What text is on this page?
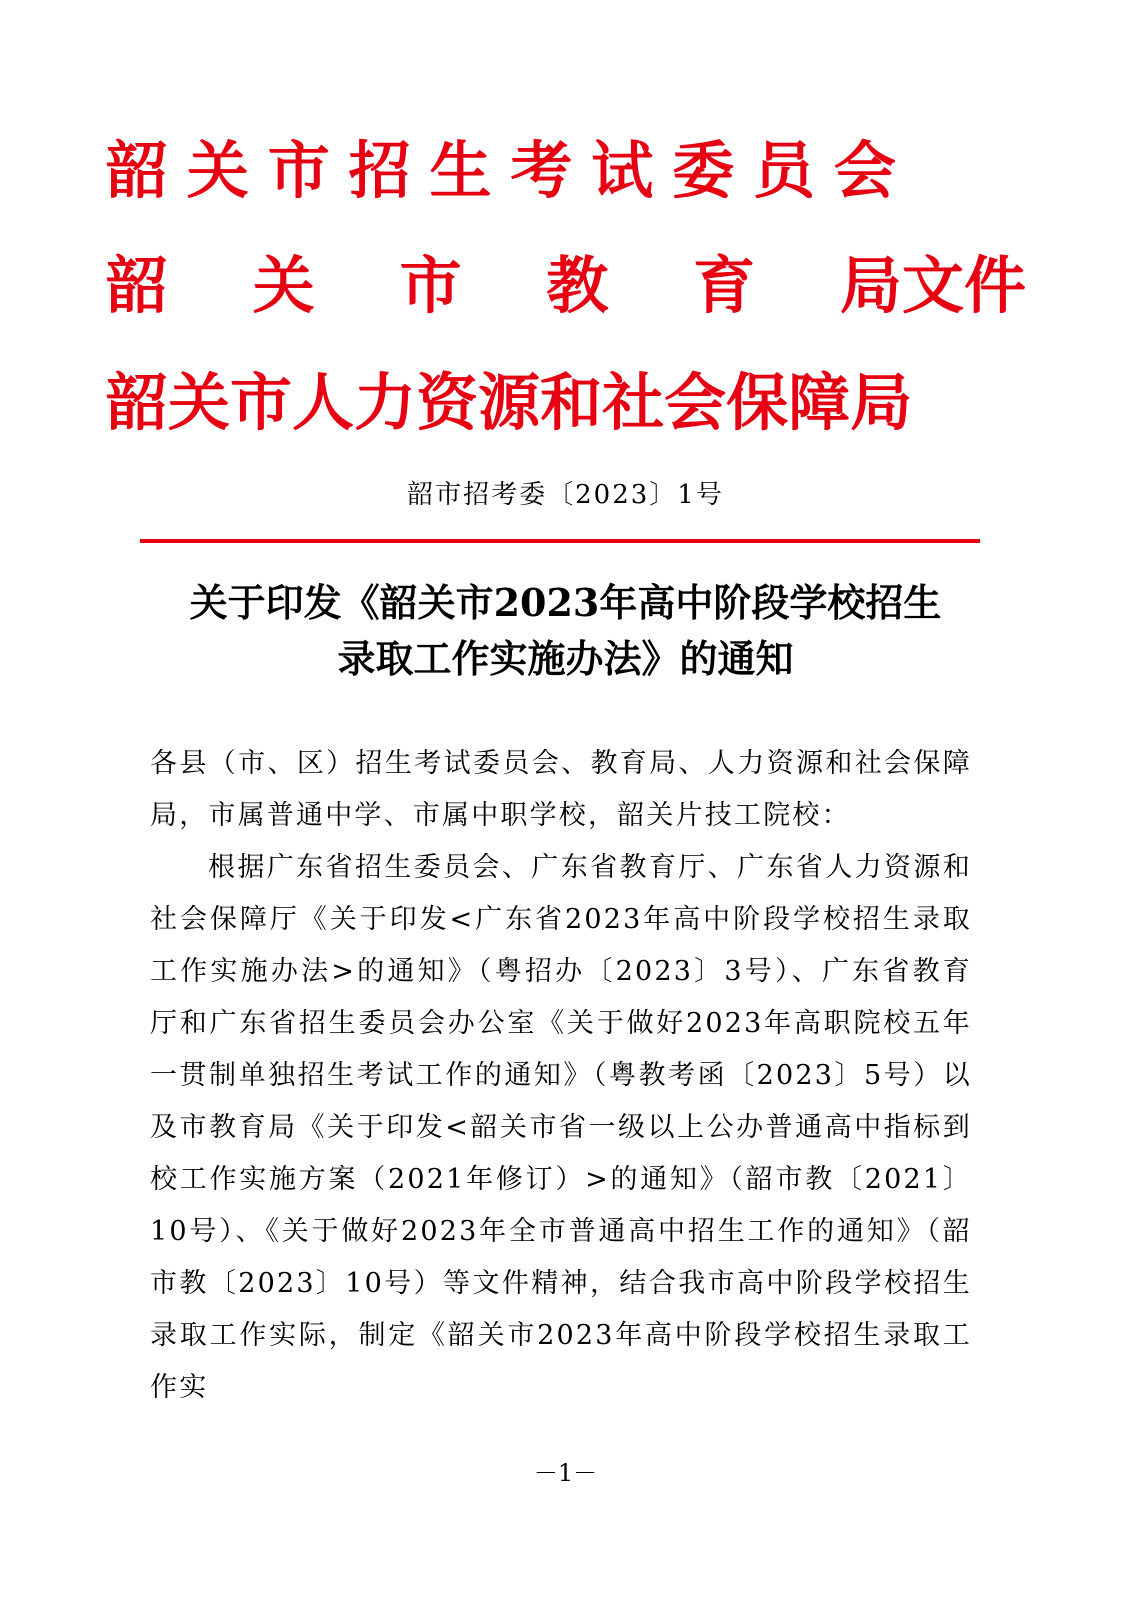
韶 关 市 招 生 考 试 委 员 会
韶 关 市 教 育 局 文件
韶 关 市 人 力 资 源 和 社 会 保 障 局

韶市招考委〔2023〕1号

关于印发《韶关市2023年高中阶段学校招生
录取工作实施办法》的通知

各县（市、区）招生考试委员会、教育局、人力资源和社会保障局，市属普通中学、市属中职学校，韶关片技工院校：

根据广东省招生委员会、广东省教育厅、广东省人力资源和社会保障厅《关于印发<广东省2023年高中阶段学校招生录取工作实施办法>的通知》（粤招办〔2023〕3号）、广东省教育厅和广东省招生委员会办公室《关于做好2023年高职院校五年一贯制单独招生考试工作的通知》（粤教考函〔2023〕5号）以及市教育局《关于印发<韶关市省一级以上公办普通高中指标到校工作实施方案（2021年修订）>的通知》（韶市教〔2021〕10号）、《关于做好2023年全市普通高中招生工作的通知》（韶市教〔2023〕10号）等文件精神，结合我市高中阶段学校招生录取工作实际，制定《韶关市2023年高中阶段学校招生录取工作实

－1－
